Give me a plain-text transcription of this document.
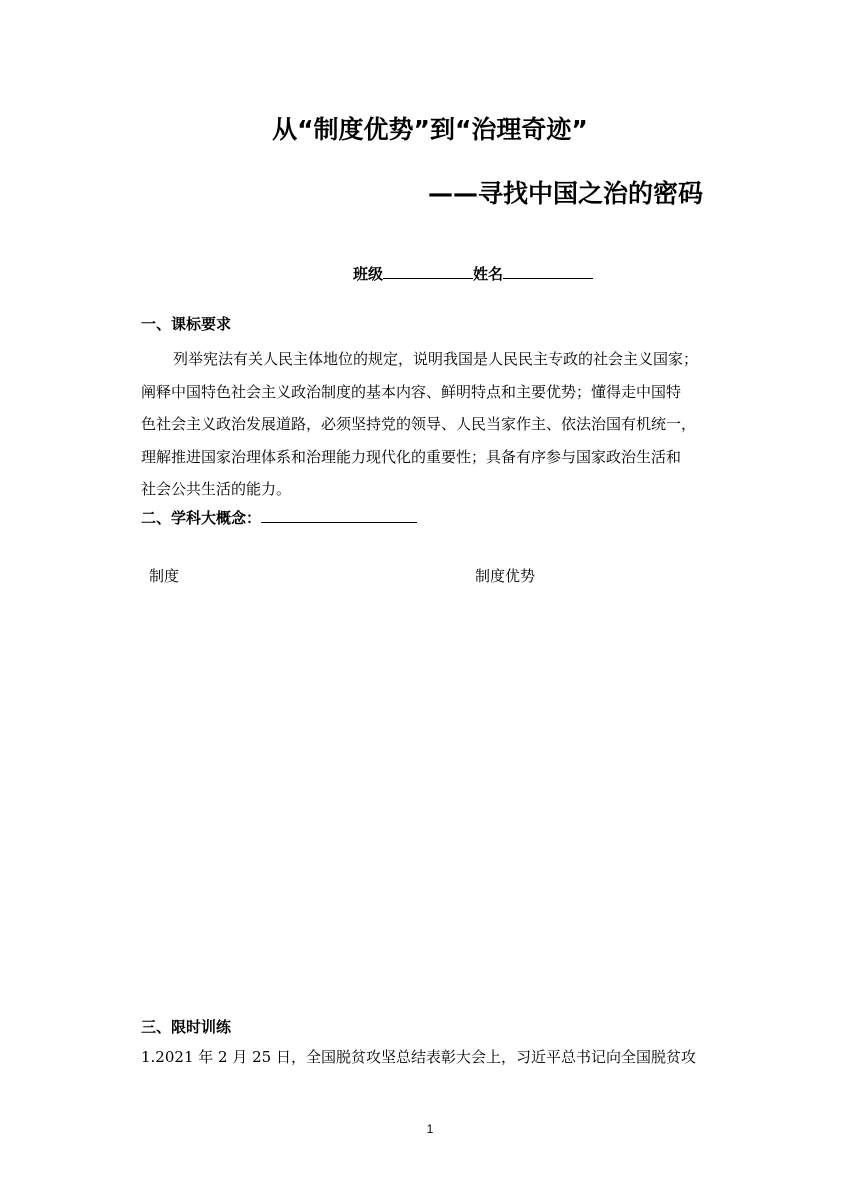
从“制度优势”到“治理奇迹”
——寻找中国之治的密码
班级	姓名
一、课标要求
列举宪法有关人民主体地位的规定，说明我国是人民民主专政的社会主义国家；
阐释中国特色社会主义政治制度的基本内容、鲜明特点和主要优势；懂得走中国特
色社会主义政治发展道路，必须坚持党的领导、人民当家作主、依法治国有机统一，
理解推进国家治理体系和治理能力现代化的重要性；具备有序参与国家政治生活和
社会公共生活的能力。
二、学科大概念：
制度	制度优势
三、限时训练
1.2021 年 2 月 25 日，全国脱贫攻坚总结表彰大会上，习近平总书记向全国脱贫攻
1
